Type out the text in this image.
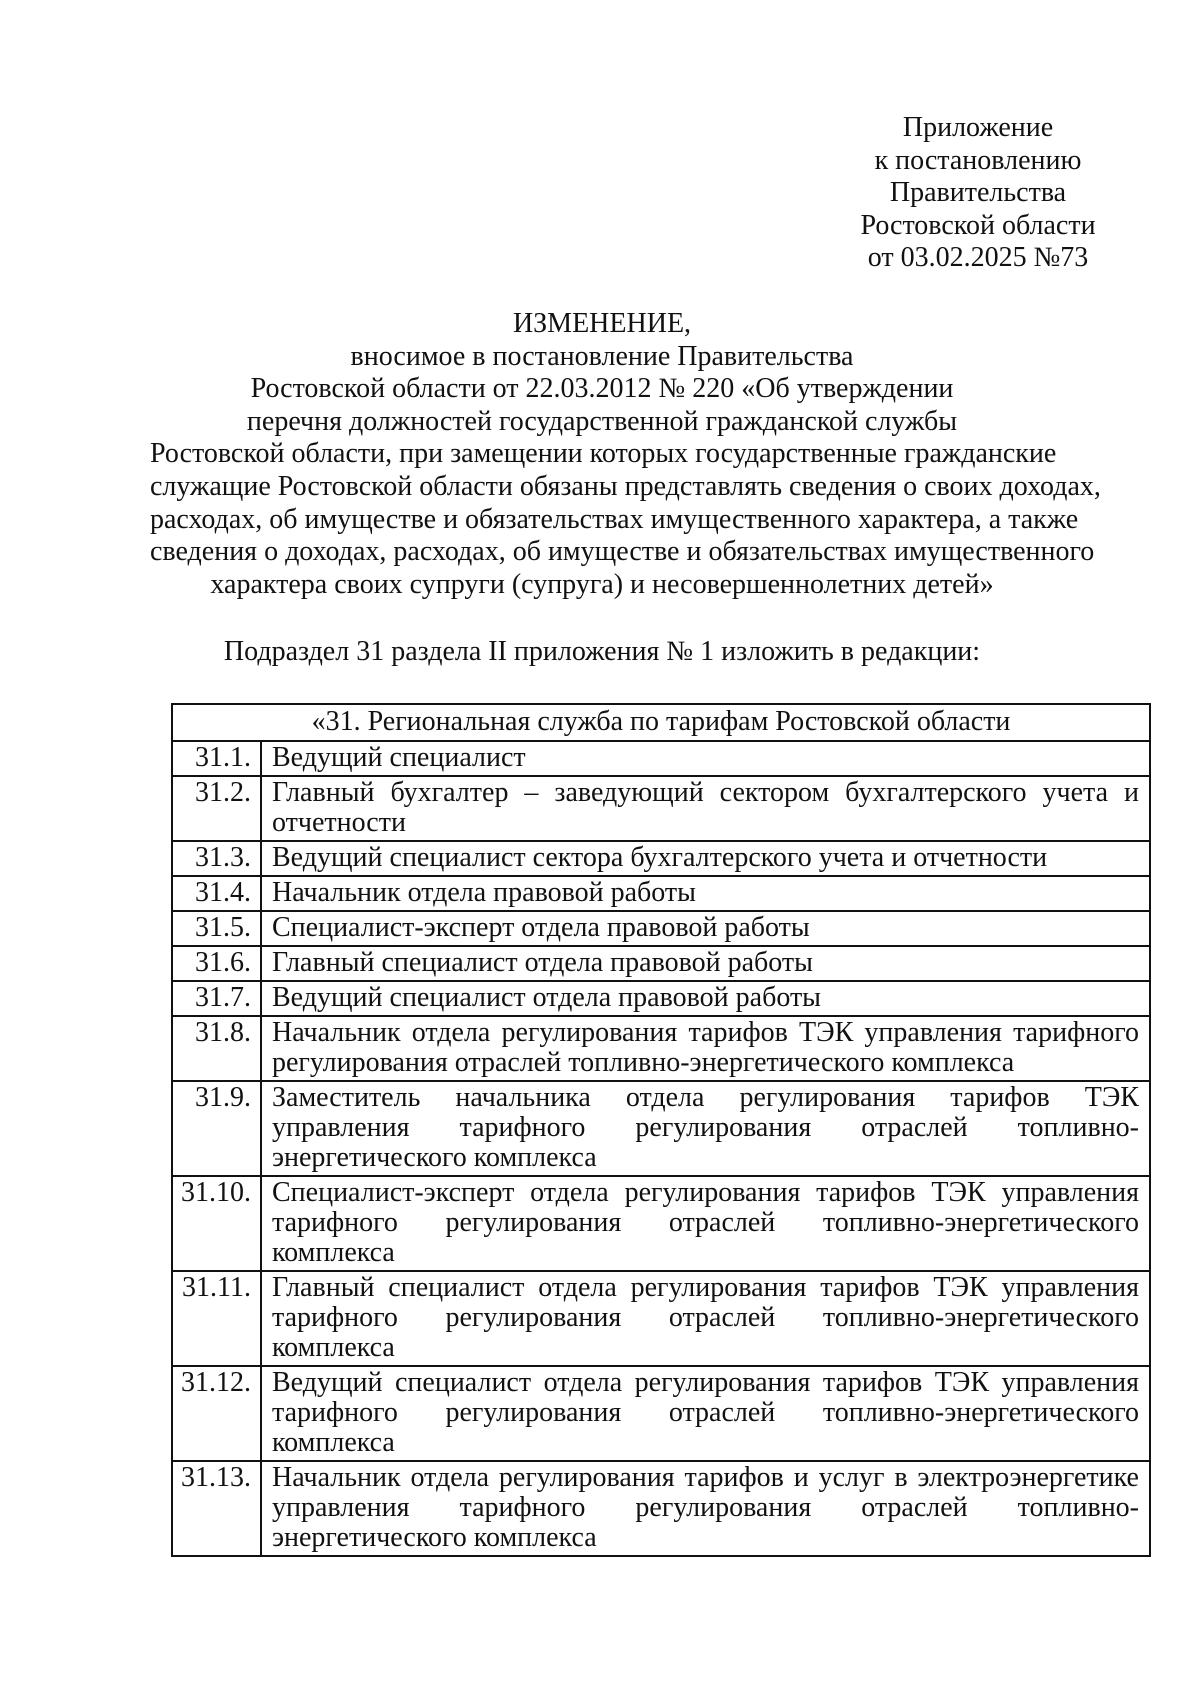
Приложение
к постановлению
Правительства
Ростовской области
от 03.02.2025 №73
ИЗМЕНЕНИЕ,
вносимое в постановление Правительства
Ростовской области от 22.03.2012 № 220 «Об утверждении
перечня должностей государственной гражданской службы
Ростовской области, при замещении которых государственные гражданские
служащие Ростовской области обязаны представлять сведения о своих доходах,
расходах, об имуществе и обязательствах имущественного характера, а также
сведения о доходах, расходах, об имуществе и обязательствах имущественного
характера своих супруги (супруга) и несовершеннолетних детей»
Подраздел 31 раздела II приложения № 1 изложить в редакции:
«31. Региональная служба по тарифам Ростовской области	
31.1.	Ведущий специалист
31.2.	Главный бухгалтер – заведующий сектором бухгалтерского учета и отчетности
31.3.	Ведущий специалист сектора бухгалтерского учета и отчетности
31.4.	Начальник отдела правовой работы
31.5.	Специалист-эксперт отдела правовой работы
31.6.	Главный специалист отдела правовой работы
31.7.	Ведущий специалист отдела правовой работы
31.8.	Начальник отдела регулирования тарифов ТЭК управления тарифного регулирования отраслей топливно-энергетического комплекса
31.9.	Заместитель начальника отдела регулирования тарифов ТЭК управления тарифного регулирования отраслей топливно-энергетического комплекса
31.10.	Специалист-эксперт отдела регулирования тарифов ТЭК управления тарифного регулирования отраслей топливно-энергетического комплекса
31.11.	Главный специалист отдела регулирования тарифов ТЭК управления тарифного регулирования отраслей топливно-энергетического комплекса
31.12.	Ведущий специалист отдела регулирования тарифов ТЭК управления тарифного регулирования отраслей топливно-энергетического комплекса
31.13.	Начальник отдела регулирования тарифов и услуг в электроэнергетике управления тарифного регулирования отраслей топливно-энергетического комплекса
